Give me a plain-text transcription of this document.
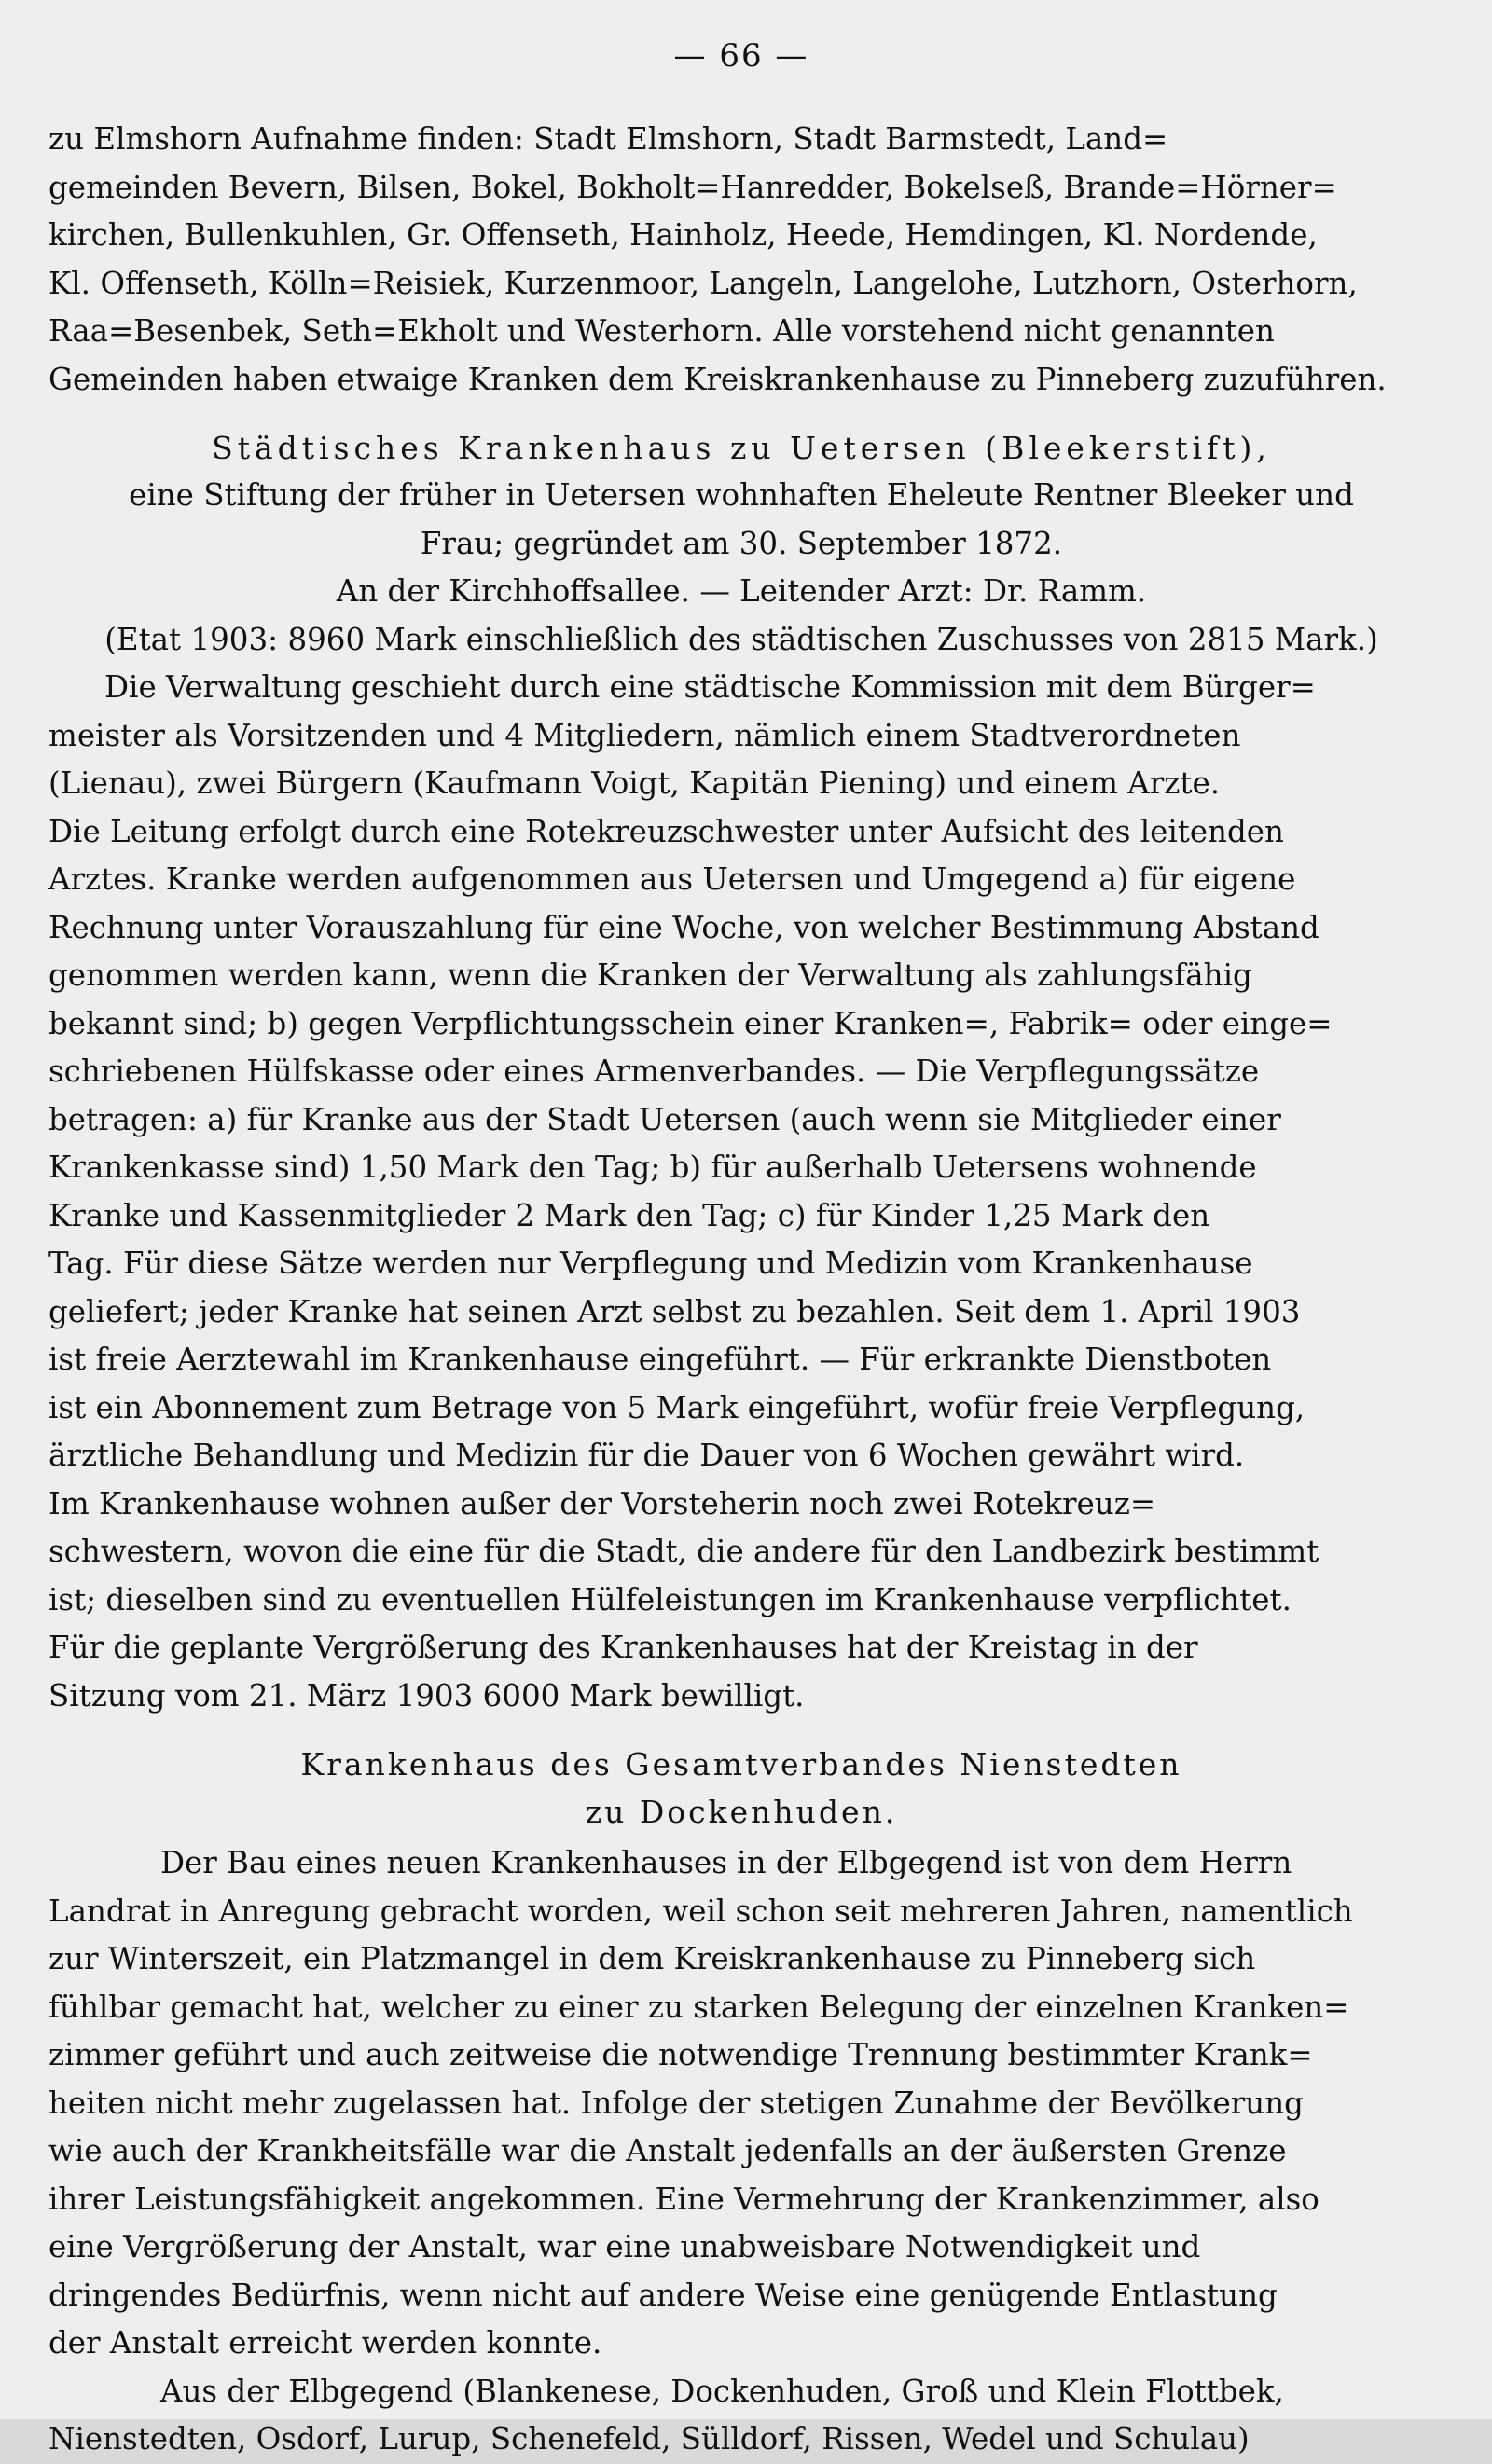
— 66 —

zu Elmshorn Aufnahme finden: Stadt Elmshorn, Stadt Barmstedt, Land=
gemeinden Bevern, Bilsen, Bokel, Bokholt=Hanredder, Bokelseß, Brande=Hörner=
kirchen, Bullenkuhlen, Gr. Offenseth, Hainholz, Heede, Hemdingen, Kl. Nordende,
Kl. Offenseth, Kölln=Reisiek, Kurzenmoor, Langeln, Langelohe, Lutzhorn, Osterhorn,
Raa=Besenbek, Seth=Ekholt und Westerhorn. Alle vorstehend nicht genannten
Gemeinden haben etwaige Kranken dem Kreiskrankenhause zu Pinneberg zuzuführen.

Städtisches Krankenhaus zu Uetersen (Bleekerstift),

eine Stiftung der früher in Uetersen wohnhaften Eheleute Rentner Bleeker und
Frau; gegründet am 30. September 1872.
An der Kirchhoffsallee. — Leitender Arzt: Dr. Ramm.
(Etat 1903: 8960 Mark einschließlich des städtischen Zuschusses von 2815 Mark.)

Die Verwaltung geschieht durch eine städtische Kommission mit dem Bürger=
meister als Vorsitzenden und 4 Mitgliedern, nämlich einem Stadtverordneten
(Lienau), zwei Bürgern (Kaufmann Voigt, Kapitän Piening) und einem Arzte.
Die Leitung erfolgt durch eine Rotekreuzschwester unter Aufsicht des leitenden
Arztes. Kranke werden aufgenommen aus Uetersen und Umgegend a) für eigene
Rechnung unter Vorauszahlung für eine Woche, von welcher Bestimmung Abstand
genommen werden kann, wenn die Kranken der Verwaltung als zahlungsfähig
bekannt sind; b) gegen Verpflichtungsschein einer Kranken=, Fabrik= oder einge=
schriebenen Hülfskasse oder eines Armenverbandes. — Die Verpflegungssätze
betragen: a) für Kranke aus der Stadt Uetersen (auch wenn sie Mitglieder einer
Krankenkasse sind) 1,50 Mark den Tag; b) für außerhalb Uetersens wohnende
Kranke und Kassenmitglieder 2 Mark den Tag; c) für Kinder 1,25 Mark den
Tag. Für diese Sätze werden nur Verpflegung und Medizin vom Krankenhause
geliefert; jeder Kranke hat seinen Arzt selbst zu bezahlen. Seit dem 1. April 1903
ist freie Aerztewahl im Krankenhause eingeführt. — Für erkrankte Dienstboten
ist ein Abonnement zum Betrage von 5 Mark eingeführt, wofür freie Verpflegung,
ärztliche Behandlung und Medizin für die Dauer von 6 Wochen gewährt wird.
Im Krankenhause wohnen außer der Vorsteherin noch zwei Rotekreuz=
schwestern, wovon die eine für die Stadt, die andere für den Landbezirk bestimmt
ist; dieselben sind zu eventuellen Hülfeleistungen im Krankenhause verpflichtet.
Für die geplante Vergrößerung des Krankenhauses hat der Kreistag in der
Sitzung vom 21. März 1903 6000 Mark bewilligt.

Krankenhaus des Gesamtverbandes Nienstedten
zu Dockenhuden.

Der Bau eines neuen Krankenhauses in der Elbgegend ist von dem Herrn
Landrat in Anregung gebracht worden, weil schon seit mehreren Jahren, namentlich
zur Winterszeit, ein Platzmangel in dem Kreiskrankenhause zu Pinneberg sich
fühlbar gemacht hat, welcher zu einer zu starken Belegung der einzelnen Kranken=
zimmer geführt und auch zeitweise die notwendige Trennung bestimmter Krank=
heiten nicht mehr zugelassen hat. Infolge der stetigen Zunahme der Bevölkerung
wie auch der Krankheitsfälle war die Anstalt jedenfalls an der äußersten Grenze
ihrer Leistungsfähigkeit angekommen. Eine Vermehrung der Krankenzimmer, also
eine Vergrößerung der Anstalt, war eine unabweisbare Notwendigkeit und
dringendes Bedürfnis, wenn nicht auf andere Weise eine genügende Entlastung
der Anstalt erreicht werden konnte.

Aus der Elbgegend (Blankenese, Dockenhuden, Groß und Klein Flottbek,
Nienstedten, Osdorf, Lurup, Schenefeld, Sülldorf, Rissen, Wedel und Schulau)
